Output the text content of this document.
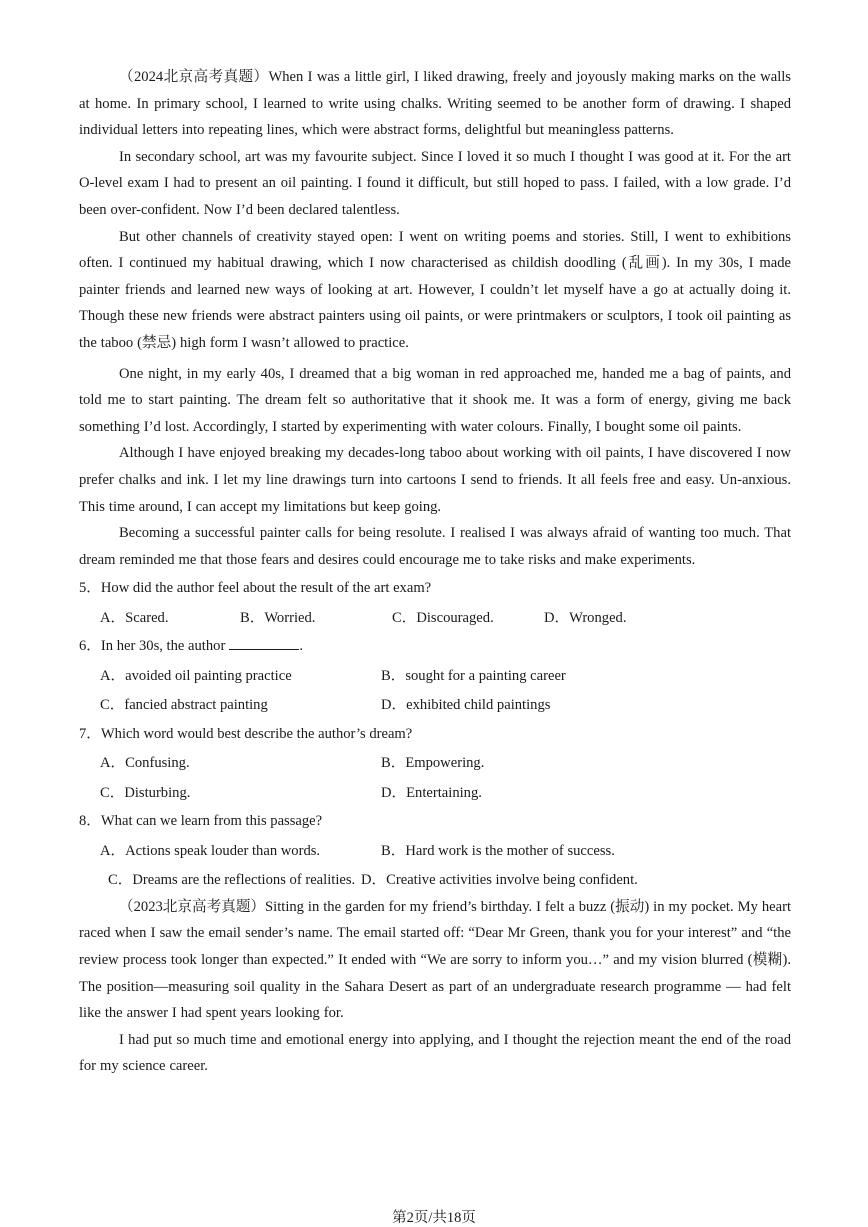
（2024北京高考真题）When I was a little girl, I liked drawing, freely and joyously making marks on the walls at home. In primary school, I learned to write using chalks. Writing seemed to be another form of drawing. I shaped individual letters into repeating lines, which were abstract forms, delightful but meaningless patterns.

In secondary school, art was my favourite subject. Since I loved it so much I thought I was good at it. For the art O-level exam I had to present an oil painting. I found it difficult, but still hoped to pass. I failed, with a low grade. I’d been over-confident. Now I’d been declared talentless.

But other channels of creativity stayed open: I went on writing poems and stories. Still, I went to exhibitions often. I continued my habitual drawing, which I now characterised as childish doodling (乱画). In my 30s, I made painter friends and learned new ways of looking at art. However, I couldn’t let myself have a go at actually doing it. Though these new friends were abstract painters using oil paints, or were printmakers or sculptors, I took oil painting as the taboo (禁忌) high form I wasn’t allowed to practice.

One night, in my early 40s, I dreamed that a big woman in red approached me, handed me a bag of paints, and told me to start painting. The dream felt so authoritative that it shook me. It was a form of energy, giving me back something I’d lost. Accordingly, I started by experimenting with water colours. Finally, I bought some oil paints.

Although I have enjoyed breaking my decades-long taboo about working with oil paints, I have discovered I now prefer chalks and ink. I let my line drawings turn into cartoons I send to friends. It all feels free and easy. Un-anxious. This time around, I can accept my limitations but keep going.

Becoming a successful painter calls for being resolute. I realised I was always afraid of wanting too much. That dream reminded me that those fears and desires could encourage me to take risks and make experiments.

5．How did the author feel about the result of the art exam?

A．Scared.	B．Worried.	C．Discouraged.	D．Wronged.

6．In her 30s, the author	.

A．avoided oil painting practice	B．sought for a painting career
C．fancied abstract painting	D．exhibited child paintings

7．Which word would best describe the author’s dream?

A．Confusing.	B．Empowering.
C．Disturbing.	D．Entertaining.

8．What can we learn from this passage?

A．Actions speak louder than words.	B．Hard work is the mother of success.
C．Dreams are the reflections of realities. D．Creative activities involve being confident.

（2023北京高考真题）Sitting in the garden for my friend’s birthday. I felt a buzz (振动) in my pocket. My heart raced when I saw the email sender’s name. The email started off: “Dear Mr Green, thank you for your interest” and “the review process took longer than expected.” It ended with “We are sorry to inform you…” and my vision blurred (模糊). The position—measuring soil quality in the Sahara Desert as part of an undergraduate research programme — had felt like the answer I had spent years looking for.

I had put so much time and emotional energy into applying, and I thought the rejection meant the end of the road for my science career.

第2页/共18页
